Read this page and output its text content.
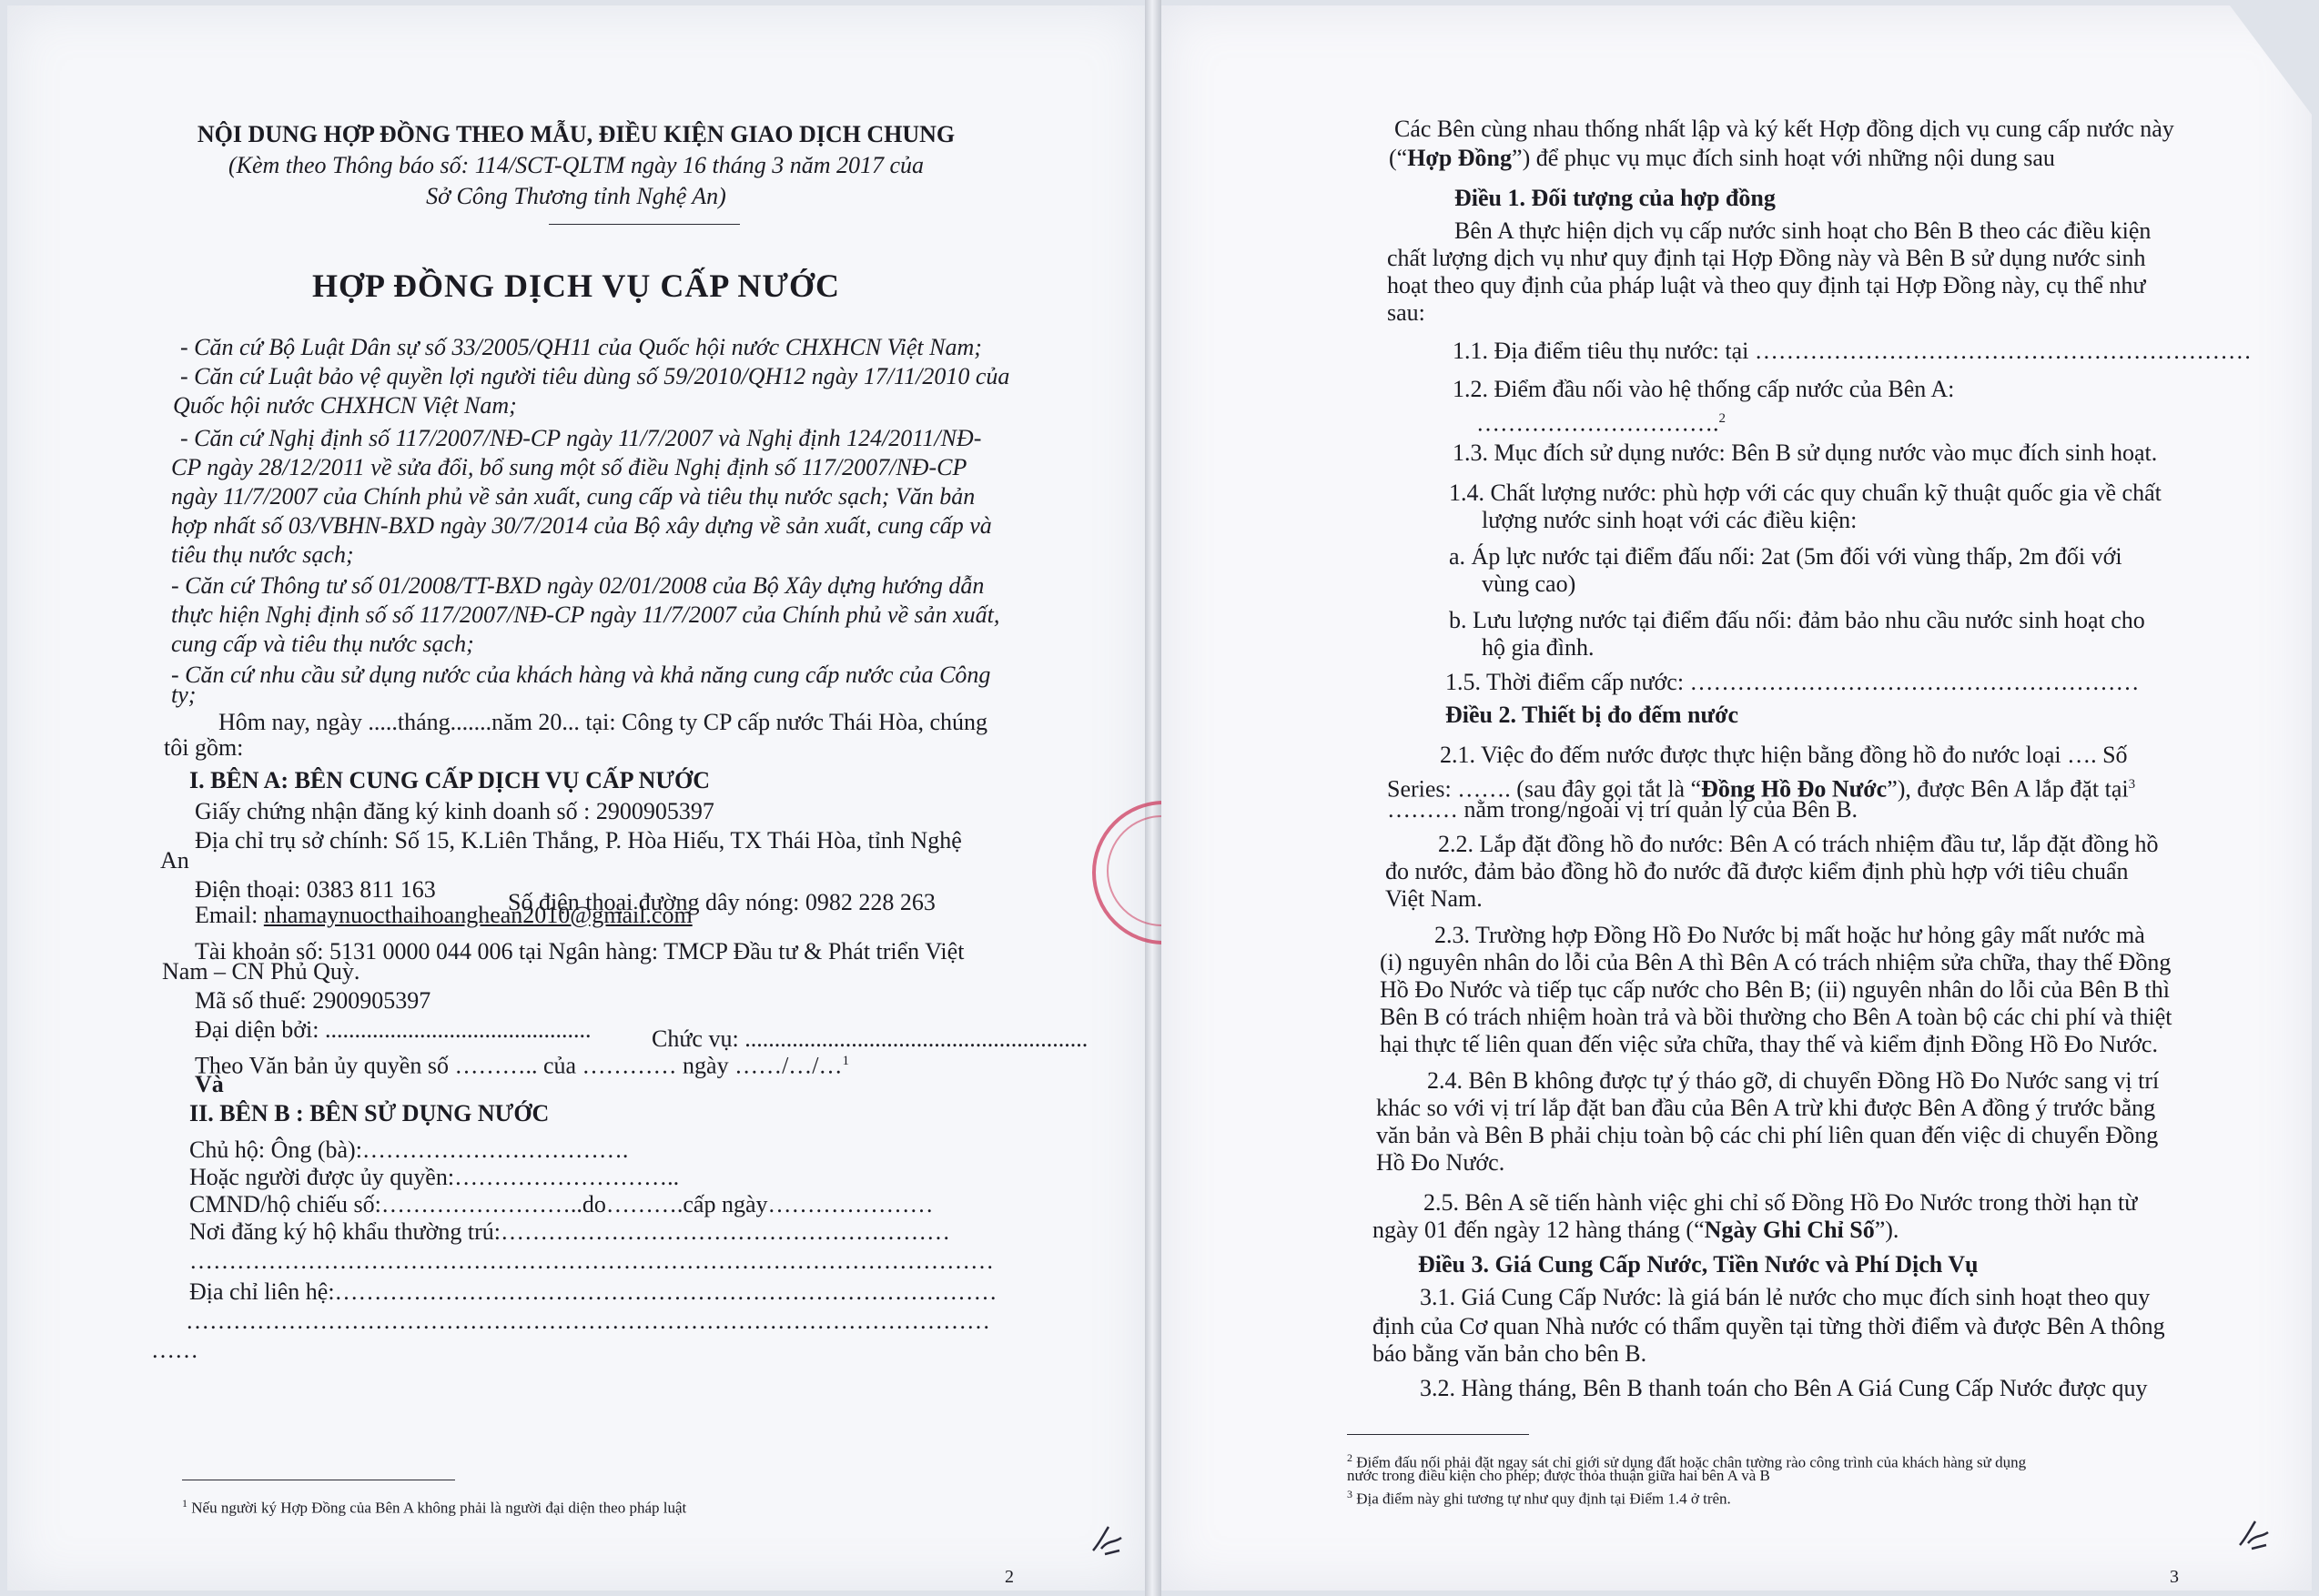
NỘI DUNG HỢP ĐỒNG THEO MẪU, ĐIỀU KIỆN GIAO DỊCH CHUNG
(Kèm theo Thông báo số: 114/SCT-QLTM ngày 16 tháng 3 năm 2017 của
Sở Công Thương tỉnh Nghệ An)
HỢP ĐỒNG DỊCH VỤ CẤP NƯỚC
- Căn cứ Bộ Luật Dân sự số 33/2005/QH11 của Quốc hội nước CHXHCN Việt Nam;
- Căn cứ Luật bảo vệ quyền lợi người tiêu dùng số 59/2010/QH12 ngày 17/11/2010 của
Quốc hội nước CHXHCN Việt Nam;
- Căn cứ Nghị định số 117/2007/NĐ-CP ngày 11/7/2007 và Nghị định 124/2011/NĐ-
CP ngày 28/12/2011 về sửa đổi, bổ sung một số điều Nghị định số 117/2007/NĐ-CP
ngày 11/7/2007 của Chính phủ về sản xuất, cung cấp và tiêu thụ nước sạch; Văn bản
hợp nhất số 03/VBHN-BXD ngày 30/7/2014 của Bộ xây dựng về sản xuất, cung cấp và
tiêu thụ nước sạch;
- Căn cứ Thông tư số 01/2008/TT-BXD ngày 02/01/2008 của Bộ Xây dựng hướng dẫn
thực hiện Nghị định số số 117/2007/NĐ-CP ngày 11/7/2007 của Chính phủ về sản xuất,
cung cấp và tiêu thụ nước sạch;
- Căn cứ nhu cầu sử dụng nước của khách hàng và khả năng cung cấp nước của Công
ty;
Hôm nay, ngày .....tháng.......năm 20... tại: Công ty CP cấp nước Thái Hòa, chúng
tôi gồm:
I. BÊN A: BÊN CUNG CẤP DỊCH VỤ CẤP NƯỚC
Giấy chứng nhận đăng ký kinh doanh số : 2900905397
Địa chỉ trụ sở chính: Số 15, K.Liên Thắng, P. Hòa Hiếu, TX Thái Hòa, tỉnh Nghệ
An
Điện thoại: 0383 811 163	Số điện thoại đường dây nóng: 0982 228 263
Email: nhamaynuocthaihoanghean2010@gmail.com
Tài khoản số: 5131 0000 044 006 tại Ngân hàng: TMCP Đầu tư & Phát triển Việt
Nam – CN Phủ Quỳ.
Mã số thuế: 2900905397
Đại diện bởi: .............................................	Chức vụ: ..........................................................
Theo Văn bản ủy quyền số ……….. của ………… ngày ……/…/…$^1$
Và
II. BÊN B : BÊN SỬ DỤNG NƯỚC
Chủ hộ: Ông (bà):…………………………….
Hoặc người được ủy quyền:………………………..
CMND/hộ chiếu số:……………………..do……….cấp ngày…………………
Nơi đăng ký hộ khẩu thường trú:…………………………………………………
…………………………………………………………………………………………
Địa chỉ liên hệ:…………………………………………………………………………
…………………………………………………………………………………………
……
$^1$ Nếu người ký Hợp Đồng của Bên A không phải là người đại diện theo pháp luật
2
Các Bên cùng nhau thống nhất lập và ký kết Hợp đồng dịch vụ cung cấp nước này
(“Hợp Đồng”) để phục vụ mục đích sinh hoạt với những nội dung sau
Điều 1. Đối tượng của hợp đồng
Bên A thực hiện dịch vụ cấp nước sinh hoạt cho Bên B theo các điều kiện
chất lượng dịch vụ như quy định tại Hợp Đồng này và Bên B sử dụng nước sinh
hoạt theo quy định của pháp luật và theo quy định tại Hợp Đồng này, cụ thể như
sau:
1.1. Địa điểm tiêu thụ nước: tại ………………………………………………………
1.2. Điểm đầu nối vào hệ thống cấp nước của Bên A:
………………………….$^2$
1.3. Mục đích sử dụng nước: Bên B sử dụng nước vào mục đích sinh hoạt.
1.4. Chất lượng nước: phù hợp với các quy chuẩn kỹ thuật quốc gia về chất
lượng nước sinh hoạt với các điều kiện:
a. Áp lực nước tại điểm đấu nối: 2at (5m đối với vùng thấp, 2m đối với
vùng cao)
b. Lưu lượng nước tại điểm đấu nối: đảm bảo nhu cầu nước sinh hoạt cho
hộ gia đình.
1.5. Thời điểm cấp nước: …………………………………………………
Điều 2. Thiết bị đo đếm nước
2.1. Việc đo đếm nước được thực hiện bằng đồng hồ đo nước loại …. Số
Series: ……. (sau đây gọi tắt là “Đồng Hồ Đo Nước”), được Bên A lắp đặt tại$^3$
……… nằm trong/ngoài vị trí quản lý của Bên B.
2.2. Lắp đặt đồng hồ đo nước: Bên A có trách nhiệm đầu tư, lắp đặt đồng hồ
đo nước, đảm bảo đồng hồ đo nước đã được kiểm định phù hợp với tiêu chuẩn
Việt Nam.
2.3. Trường hợp Đồng Hồ Đo Nước bị mất hoặc hư hỏng gây mất nước mà
(i) nguyên nhân do lỗi của Bên A thì Bên A có trách nhiệm sửa chữa, thay thế Đồng
Hồ Đo Nước và tiếp tục cấp nước cho Bên B; (ii) nguyên nhân do lỗi của Bên B thì
Bên B có trách nhiệm hoàn trả và bồi thường cho Bên A toàn bộ các chi phí và thiệt
hại thực tế liên quan đến việc sửa chữa, thay thế và kiểm định Đồng Hồ Đo Nước.
2.4. Bên B không được tự ý tháo gỡ, di chuyển Đồng Hồ Đo Nước sang vị trí
khác so với vị trí lắp đặt ban đầu của Bên A trừ khi được Bên A đồng ý trước bằng
văn bản và Bên B phải chịu toàn bộ các chi phí liên quan đến việc di chuyển Đồng
Hồ Đo Nước.
2.5. Bên A sẽ tiến hành việc ghi chỉ số Đồng Hồ Đo Nước trong thời hạn từ
ngày 01 đến ngày 12 hàng tháng (“Ngày Ghi Chỉ Số”).
Điều 3. Giá Cung Cấp Nước, Tiền Nước và Phí Dịch Vụ
3.1. Giá Cung Cấp Nước: là giá bán lẻ nước cho mục đích sinh hoạt theo quy
định của Cơ quan Nhà nước có thẩm quyền tại từng thời điểm và được Bên A thông
báo bằng văn bản cho bên B.
3.2. Hàng tháng, Bên B thanh toán cho Bên A Giá Cung Cấp Nước được quy
$^2$ Điểm đấu nối phải đặt ngay sát chỉ giới sử dụng đất hoặc chân tường rào công trình của khách hàng sử dụng
nước trong điều kiện cho phép; được thỏa thuận giữa hai bên A và B
$^3$ Địa điểm này ghi tương tự như quy định tại Điểm 1.4 ở trên.
3
